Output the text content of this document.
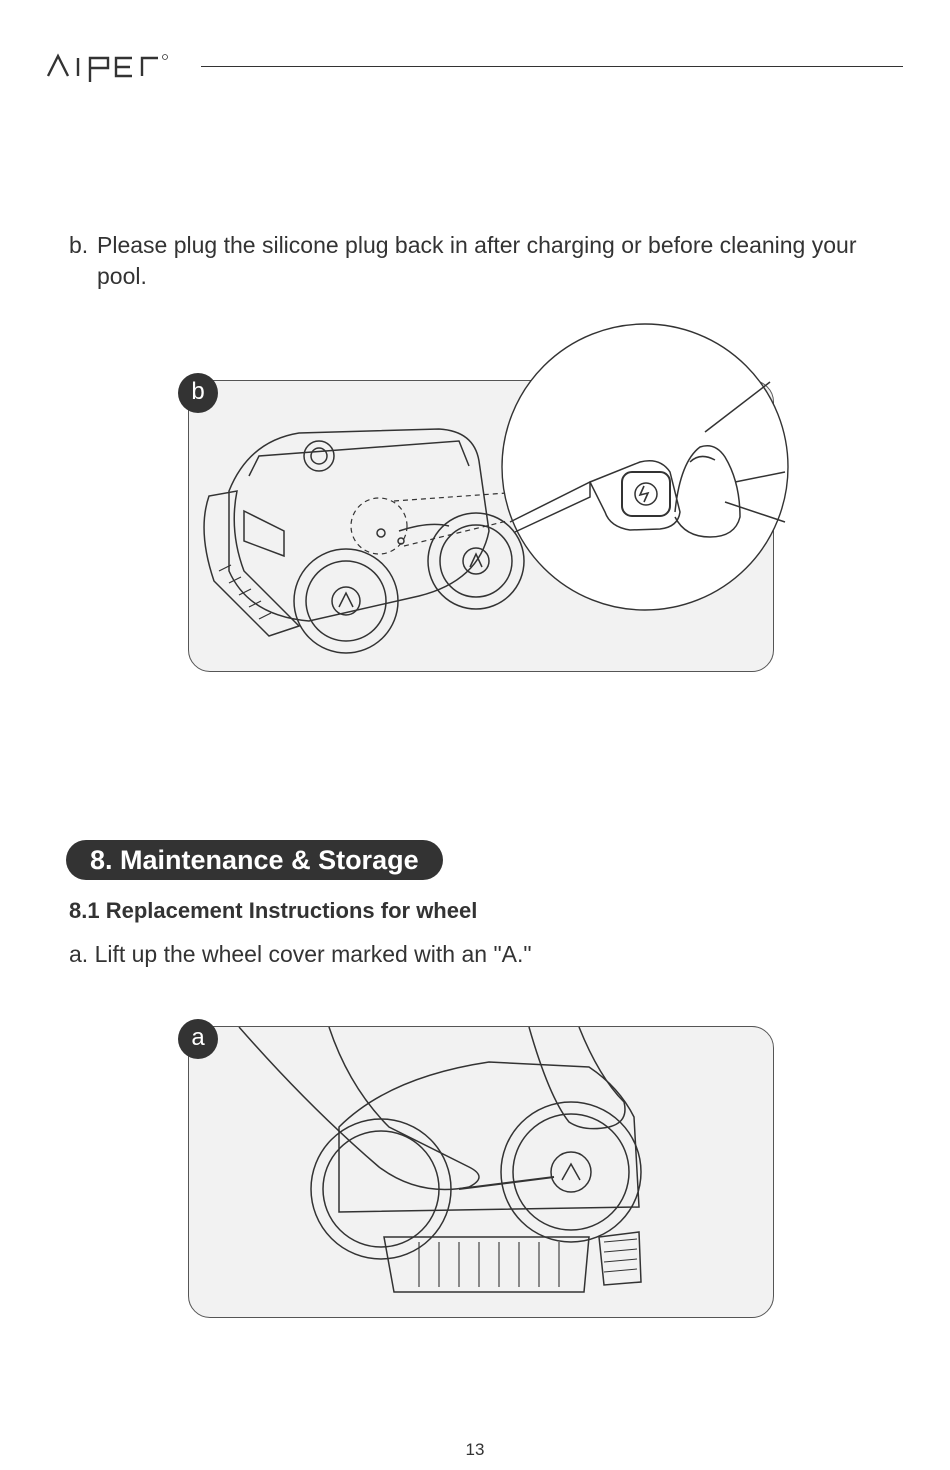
b. Please plug the silicone plug back in after charging or before cleaning your pool.
b
8. Maintenance & Storage
8.1 Replacement Instructions for wheel
a. Lift up the wheel cover marked with an "A."
a
13
